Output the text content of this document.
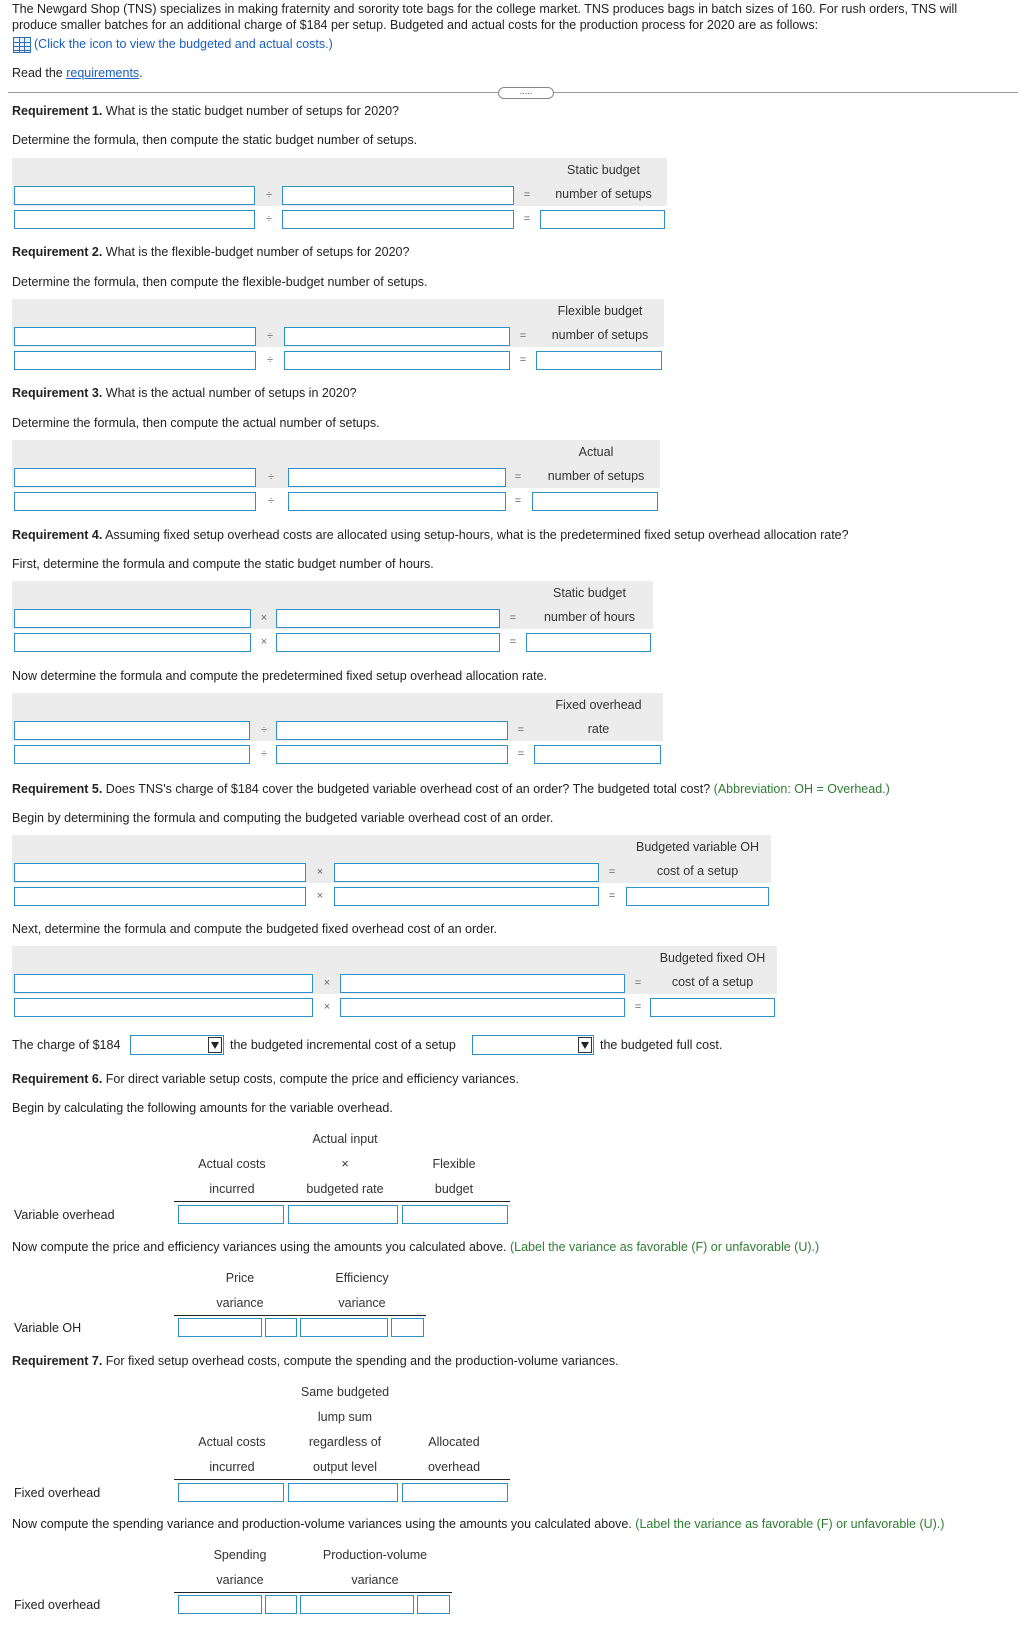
The Newgard Shop (TNS) specializes in making fraternity and sorority tote bags for the college market. TNS produces bags in batch sizes of 160. For rush orders, TNS will
produce smaller batches for an additional charge of $184 per setup. Budgeted and actual costs for the production process for 2020 are as follows:
(Click the icon to view the budgeted and actual costs.)
Read the requirements.
.....
Requirement 1. What is the static budget number of setups for 2020?
Determine the formula, then compute the static budget number of setups.
Static budget
number of setups
÷	=
÷	=
Requirement 2. What is the flexible-budget number of setups for 2020?
Determine the formula, then compute the flexible-budget number of setups.
Flexible budget
number of setups
÷	=
÷	=
Requirement 3. What is the actual number of setups in 2020?
Determine the formula, then compute the actual number of setups.
Actual
number of setups
÷	=
÷	=
Requirement 4. Assuming fixed setup overhead costs are allocated using setup-hours, what is the predetermined fixed setup overhead allocation rate?
First, determine the formula and compute the static budget number of hours.
Static budget
number of hours
×	=
×	=
Now determine the formula and compute the predetermined fixed setup overhead allocation rate.
Fixed overhead
rate
÷	=
÷	=
Requirement 5. Does TNS's charge of $184 cover the budgeted variable overhead cost of an order? The budgeted total cost? (Abbreviation: OH = Overhead.)
Begin by determining the formula and computing the budgeted variable overhead cost of an order.
Budgeted variable OH
cost of a setup
×	=
×	=
Next, determine the formula and compute the budgeted fixed overhead cost of an order.
Budgeted fixed OH
cost of a setup
×	=
×	=
The charge of $184	the budgeted incremental cost of a setup	the budgeted full cost.
Requirement 6. For direct variable setup costs, compute the price and efficiency variances.
Begin by calculating the following amounts for the variable overhead.
Actual input
Actual costs	×	Flexible
incurred	budgeted rate	budget
Variable overhead
Now compute the price and efficiency variances using the amounts you calculated above. (Label the variance as favorable (F) or unfavorable (U).)
Price	Efficiency
variance	variance
Variable OH
Requirement 7. For fixed setup overhead costs, compute the spending and the production-volume variances.
Same budgeted
lump sum
Actual costs	regardless of	Allocated
incurred	output level	overhead
Fixed overhead
Now compute the spending variance and production-volume variances using the amounts you calculated above. (Label the variance as favorable (F) or unfavorable (U).)
Spending	Production-volume
variance	variance
Fixed overhead
